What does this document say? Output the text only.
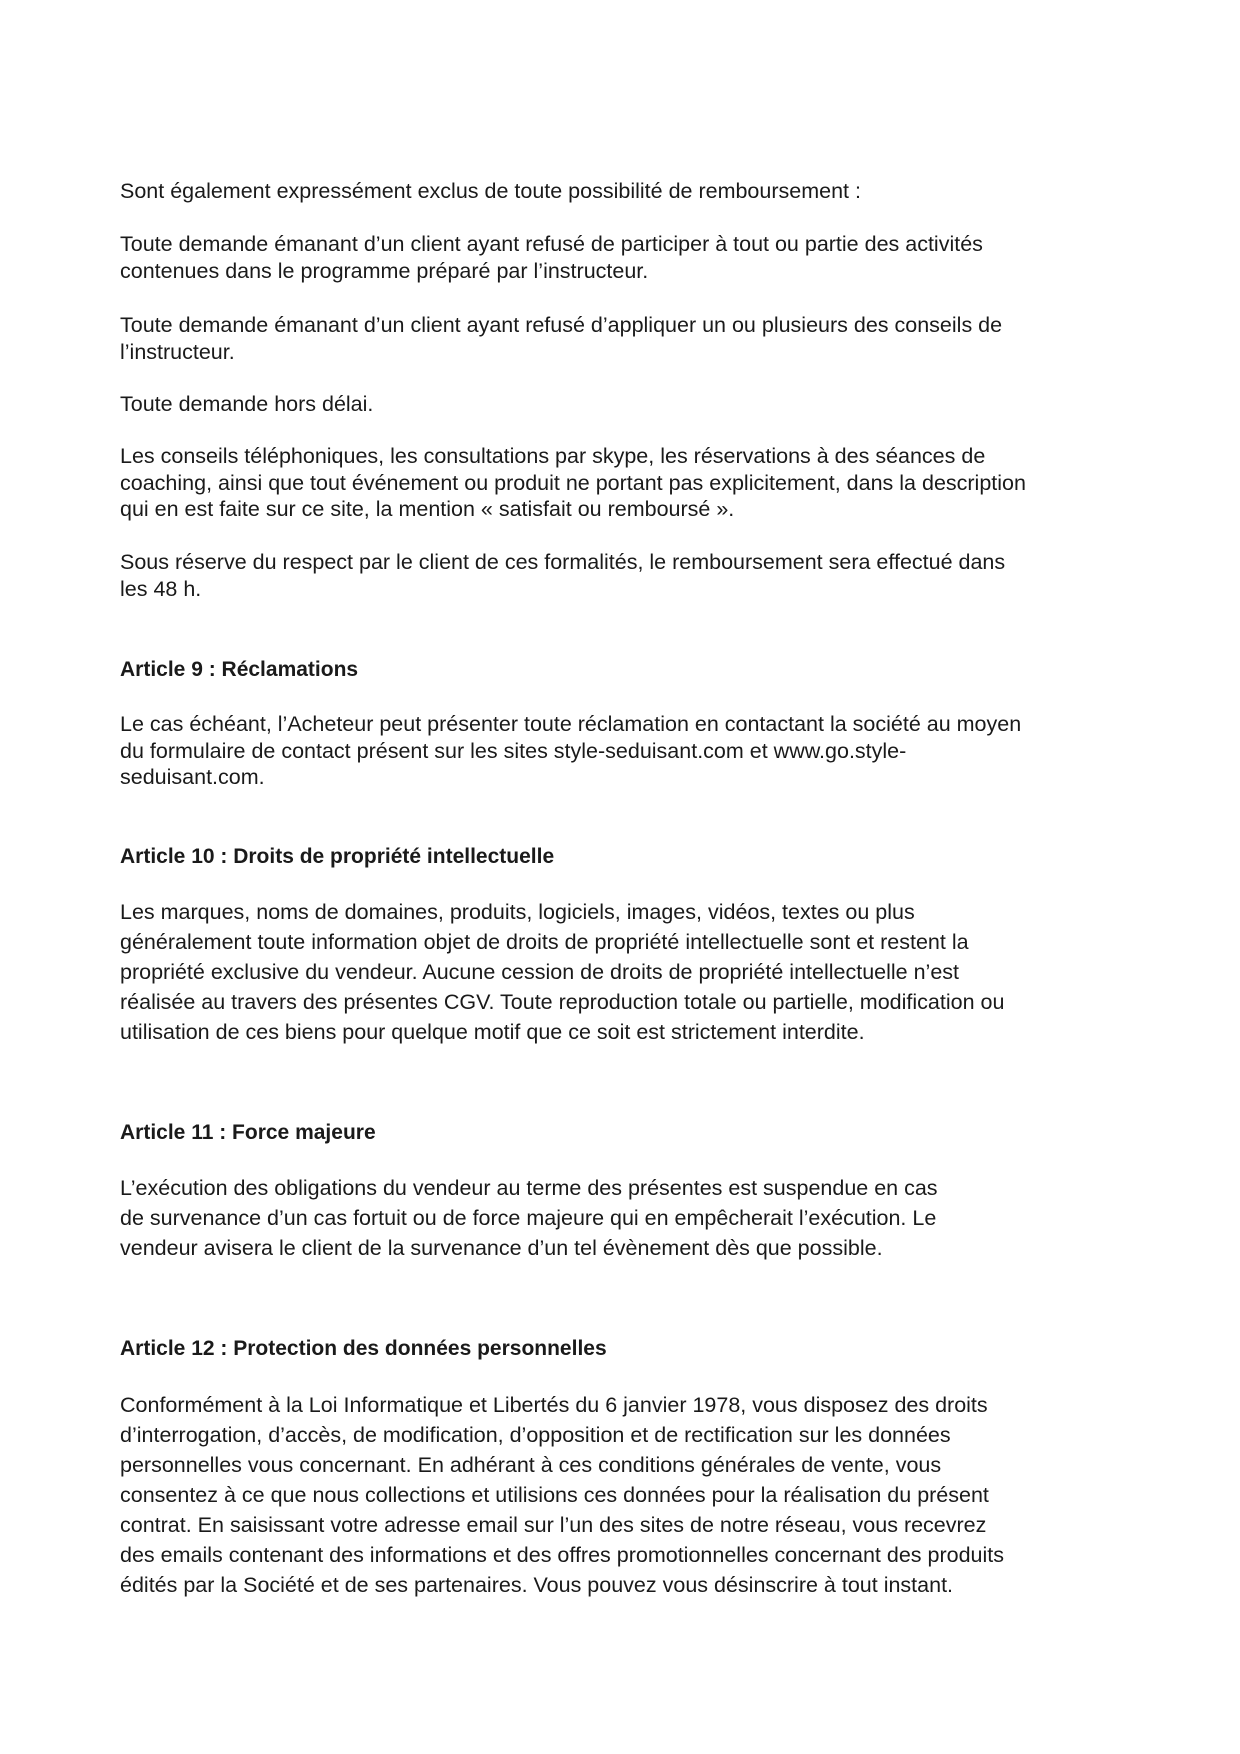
Sont également expressément exclus de toute possibilité de remboursement :

Toute demande émanant d’un client ayant refusé de participer à tout ou partie des activités
contenues dans le programme préparé par l’instructeur.

Toute demande émanant d’un client ayant refusé d’appliquer un ou plusieurs des conseils de
l’instructeur.

Toute demande hors délai.

Les conseils téléphoniques, les consultations par skype, les réservations à des séances de
coaching, ainsi que tout événement ou produit ne portant pas explicitement, dans la description
qui en est faite sur ce site, la mention « satisfait ou remboursé ».

Sous réserve du respect par le client de ces formalités, le remboursement sera effectué dans
les 48 h.

Article 9 : Réclamations

Le cas échéant, l’Acheteur peut présenter toute réclamation en contactant la société au moyen
du formulaire de contact présent sur les sites style-seduisant.com et www.go.style-
seduisant.com.

Article 10 : Droits de propriété intellectuelle

Les marques, noms de domaines, produits, logiciels, images, vidéos, textes ou plus
généralement toute information objet de droits de propriété intellectuelle sont et restent la
propriété exclusive du vendeur. Aucune cession de droits de propriété intellectuelle n’est
réalisée au travers des présentes CGV. Toute reproduction totale ou partielle, modification ou
utilisation de ces biens pour quelque motif que ce soit est strictement interdite.

Article 11 : Force majeure

L’exécution des obligations du vendeur au terme des présentes est suspendue en cas
de survenance d’un cas fortuit ou de force majeure qui en empêcherait l’exécution. Le
vendeur avisera le client de la survenance d’un tel évènement dès que possible.

Article 12 : Protection des données personnelles

Conformément à la Loi Informatique et Libertés du 6 janvier 1978, vous disposez des droits
d’interrogation, d’accès, de modification, d’opposition et de rectification sur les données
personnelles vous concernant. En adhérant à ces conditions générales de vente, vous
consentez à ce que nous collections et utilisions ces données pour la réalisation du présent
contrat. En saisissant votre adresse email sur l’un des sites de notre réseau, vous recevrez
des emails contenant des informations et des offres promotionnelles concernant des produits
édités par la Société et de ses partenaires. Vous pouvez vous désinscrire à tout instant.
